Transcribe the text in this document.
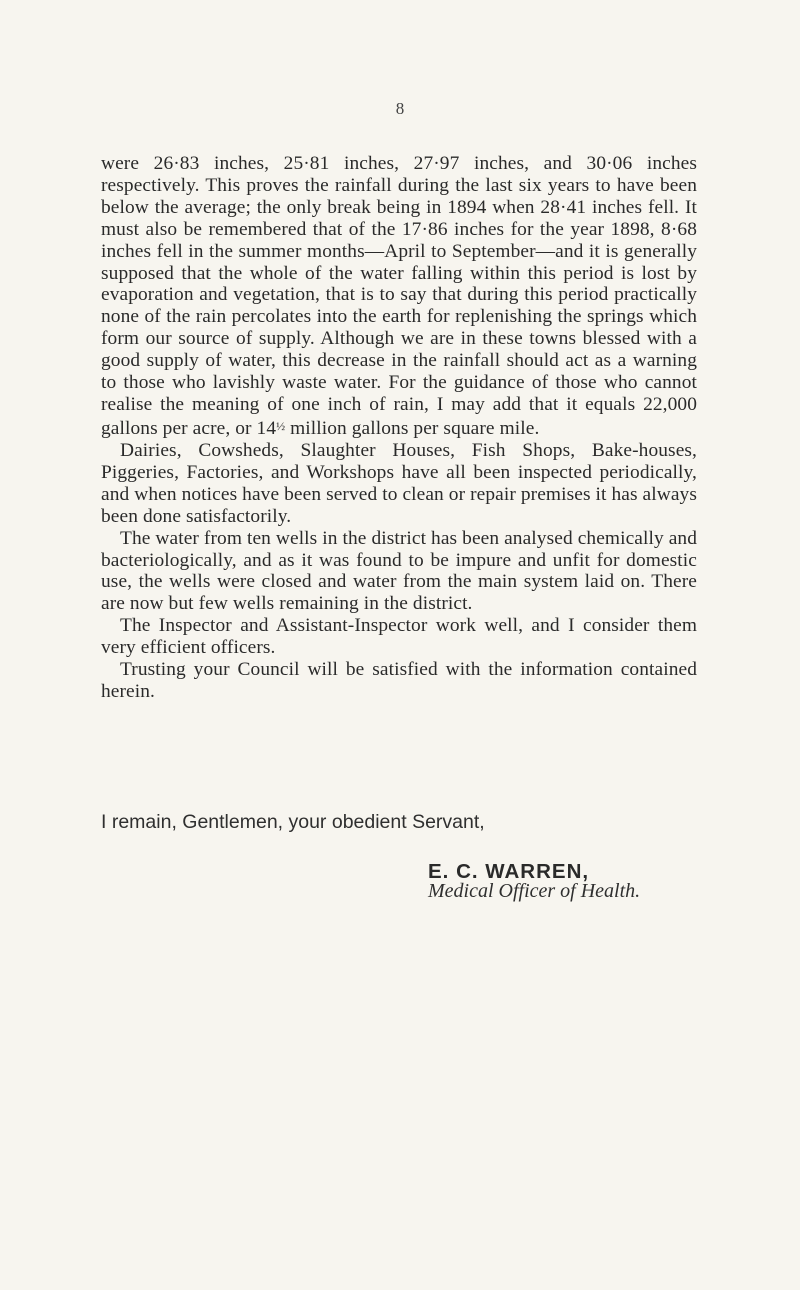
8

were 26·83 inches, 25·81 inches, 27·97 inches, and 30·06 inches respectively. This proves the rainfall during the last six years to have been below the average; the only break being in 1894 when 28·41 inches fell. It must also be remembered that of the 17·86 inches for the year 1898, 8·68 inches fell in the summer months—April to September—and it is generally supposed that the whole of the water falling within this period is lost by evaporation and vegetation, that is to say that during this period practically none of the rain percolates into the earth for replenishing the springs which form our source of supply. Although we are in these towns blessed with a good supply of water, this decrease in the rainfall should act as a warning to those who lavishly waste water. For the guidance of those who cannot realise the meaning of one inch of rain, I may add that it equals 22,000 gallons per acre, or $14^{\frac{1}{2}}$ million gallons per square mile.

Dairies, Cowsheds, Slaughter Houses, Fish Shops, Bake-houses, Piggeries, Factories, and Workshops have all been inspected periodically, and when notices have been served to clean or repair premises it has always been done satisfactorily.

The water from ten wells in the district has been analysed chemically and bacteriologically, and as it was found to be impure and unfit for domestic use, the wells were closed and water from the main system laid on. There are now but few wells remaining in the district.

The Inspector and Assistant-Inspector work well, and I consider them very efficient officers.

Trusting your Council will be satisfied with the information contained herein.

I remain, Gentlemen, your obedient Servant,
E. C. WARREN,
Medical Officer of Health.
